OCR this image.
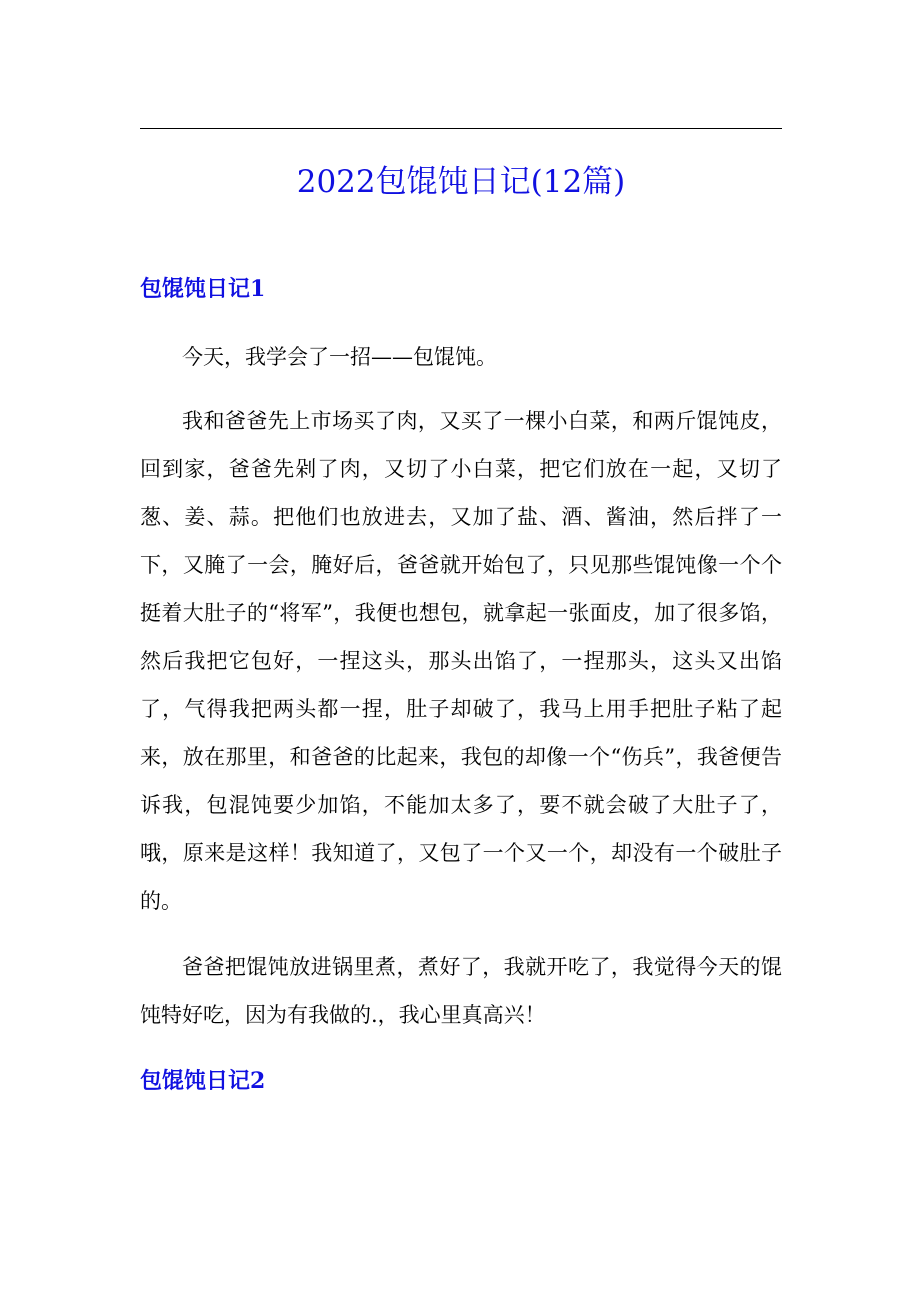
2022包馄饨日记(12篇)
包馄饨日记1

今天，我学会了一招——包馄饨。

我和爸爸先上市场买了肉，又买了一棵小白菜，和两斤馄饨皮，回到家，爸爸先剁了肉，又切了小白菜，把它们放在一起，又切了葱、姜、蒜。把他们也放进去，又加了盐、酒、酱油，然后拌了一下，又腌了一会，腌好后，爸爸就开始包了，只见那些馄饨像一个个挺着大肚子的“将军”，我便也想包，就拿起一张面皮，加了很多馅，然后我把它包好，一捏这头，那头出馅了，一捏那头，这头又出馅了，气得我把两头都一捏，肚子却破了，我马上用手把肚子粘了起来，放在那里，和爸爸的比起来，我包的却像一个“伤兵”，我爸便告诉我，包混饨要少加馅，不能加太多了，要不就会破了大肚子了，哦，原来是这样！我知道了，又包了一个又一个，却没有一个破肚子的。

爸爸把馄饨放进锅里煮，煮好了，我就开吃了，我觉得今天的馄饨特好吃，因为有我做的.，我心里真高兴！

包馄饨日记2
